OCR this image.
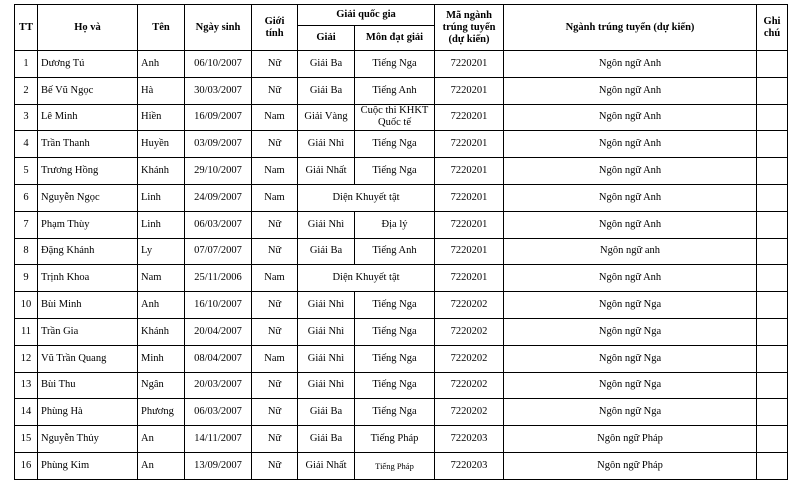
TT	Họ và	Tên	Ngày sinh	Giới tính	Giải quốc gia		Mã ngành trúng tuyển (dự kiến)	Ngành trúng tuyển (dự kiến)	Ghi chú
					Giải	Môn đạt giải			
1	Dương Tú	Anh	06/10/2007	Nữ	Giải Ba	Tiếng Nga	7220201	Ngôn ngữ Anh	
2	Bế Vũ Ngọc	Hà	30/03/2007	Nữ	Giải Ba	Tiếng Anh	7220201	Ngôn ngữ Anh	
3	Lê Minh	Hiền	16/09/2007	Nam	Giải Vàng	Cuộc thi KHKT Quốc tế	7220201	Ngôn ngữ Anh	
4	Trần Thanh	Huyền	03/09/2007	Nữ	Giải Nhì	Tiếng Nga	7220201	Ngôn ngữ Anh	
5	Trương Hồng	Khánh	29/10/2007	Nam	Giải Nhất	Tiếng Nga	7220201	Ngôn ngữ Anh	
6	Nguyễn Ngọc	Linh	24/09/2007	Nam	Diện Khuyết tật		7220201	Ngôn ngữ Anh	
7	Phạm Thùy	Linh	06/03/2007	Nữ	Giải Nhì	Địa lý	7220201	Ngôn ngữ Anh	
8	Đặng Khánh	Ly	07/07/2007	Nữ	Giải Ba	Tiếng Anh	7220201	Ngôn ngữ anh	
9	Trịnh Khoa	Nam	25/11/2006	Nam	Diện Khuyết tật		7220201	Ngôn ngữ Anh	
10	Bùi Minh	Anh	16/10/2007	Nữ	Giải Nhì	Tiếng Nga	7220202	Ngôn ngữ Nga	
11	Trần Gia	Khánh	20/04/2007	Nữ	Giải Nhì	Tiếng Nga	7220202	Ngôn ngữ Nga	
12	Vũ Trần Quang	Minh	08/04/2007	Nam	Giải Nhì	Tiếng Nga	7220202	Ngôn ngữ Nga	
13	Bùi Thu	Ngân	20/03/2007	Nữ	Giải Nhì	Tiếng Nga	7220202	Ngôn ngữ Nga	
14	Phùng Hà	Phương	06/03/2007	Nữ	Giải Ba	Tiếng Nga	7220202	Ngôn ngữ Nga	
15	Nguyễn Thủy	An	14/11/2007	Nữ	Giải Ba	Tiếng Pháp	7220203	Ngôn ngữ Pháp	
16	Phùng Kim	An	13/09/2007	Nữ	Giải Nhất	Tiếng Pháp	7220203	Ngôn ngữ Pháp	
